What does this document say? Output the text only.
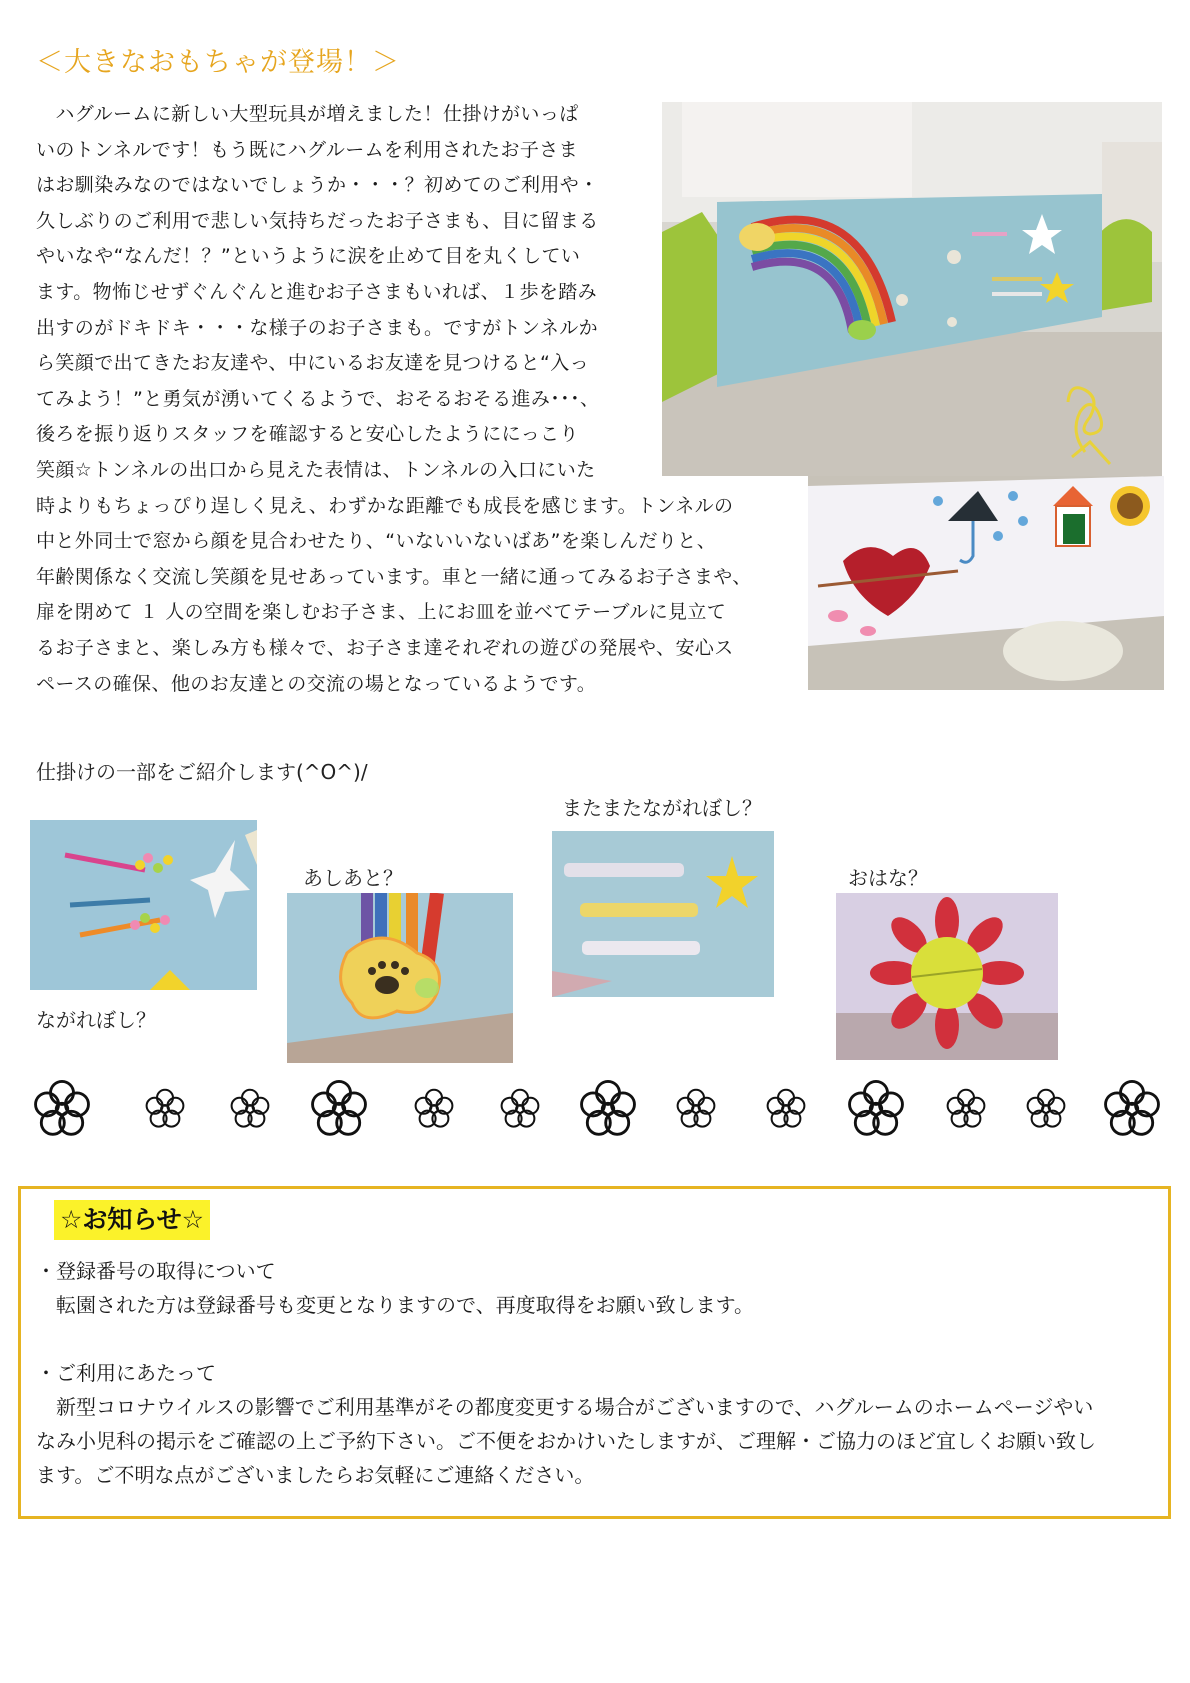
＜大きなおもちゃが登場！＞
　ハグルームに新しい大型玩具が増えました！仕掛けがいっぱ
いのトンネルです！もう既にハグルームを利用されたお子さま
はお馴染みなのではないでしょうか・・・？初めてのご利用や・
久しぶりのご利用で悲しい気持ちだったお子さまも、目に留まる
やいなや“なんだ！？”というように涙を止めて目を丸くしてい
ます。物怖じせずぐんぐんと進むお子さまもいれば、１歩を踏み
出すのがドキドキ・・・な様子のお子さまも。ですがトンネルか
ら笑顔で出てきたお友達や、中にいるお友達を見つけると“入っ
てみよう！”と勇気が湧いてくるようで、おそるおそる進み･･･、
後ろを振り返りスタッフを確認すると安心したようににっこり
笑顔☆トンネルの出口から見えた表情は、トンネルの入口にいた
時よりもちょっぴり逞しく見え、わずかな距離でも成長を感じます。トンネルの
中と外同士で窓から顔を見合わせたり、“いないいないばあ”を楽しんだりと、
年齢関係なく交流し笑顔を見せあっています。車と一緒に通ってみるお子さまや、
扉を閉めて １ 人の空間を楽しむお子さま、上にお皿を並べてテーブルに見立て
るお子さまと、楽しみ方も様々で、お子さま達それぞれの遊びの発展や、安心ス
ペースの確保、他のお友達との交流の場となっているようです。
仕掛けの一部をご紹介します(^O^)/
またまたながれぼし？
あしあと？	おはな？
ながれぼし？
☆お知らせ☆
・登録番号の取得について
　転園された方は登録番号も変更となりますので、再度取得をお願い致します。
・ご利用にあたって
　新型コロナウイルスの影響でご利用基準がその都度変更する場合がございますので、ハグルームのホームページやい
なみ小児科の掲示をご確認の上ご予約下さい。ご不便をおかけいたしますが、ご理解・ご協力のほど宜しくお願い致し
ます。ご不明な点がございましたらお気軽にご連絡ください。
